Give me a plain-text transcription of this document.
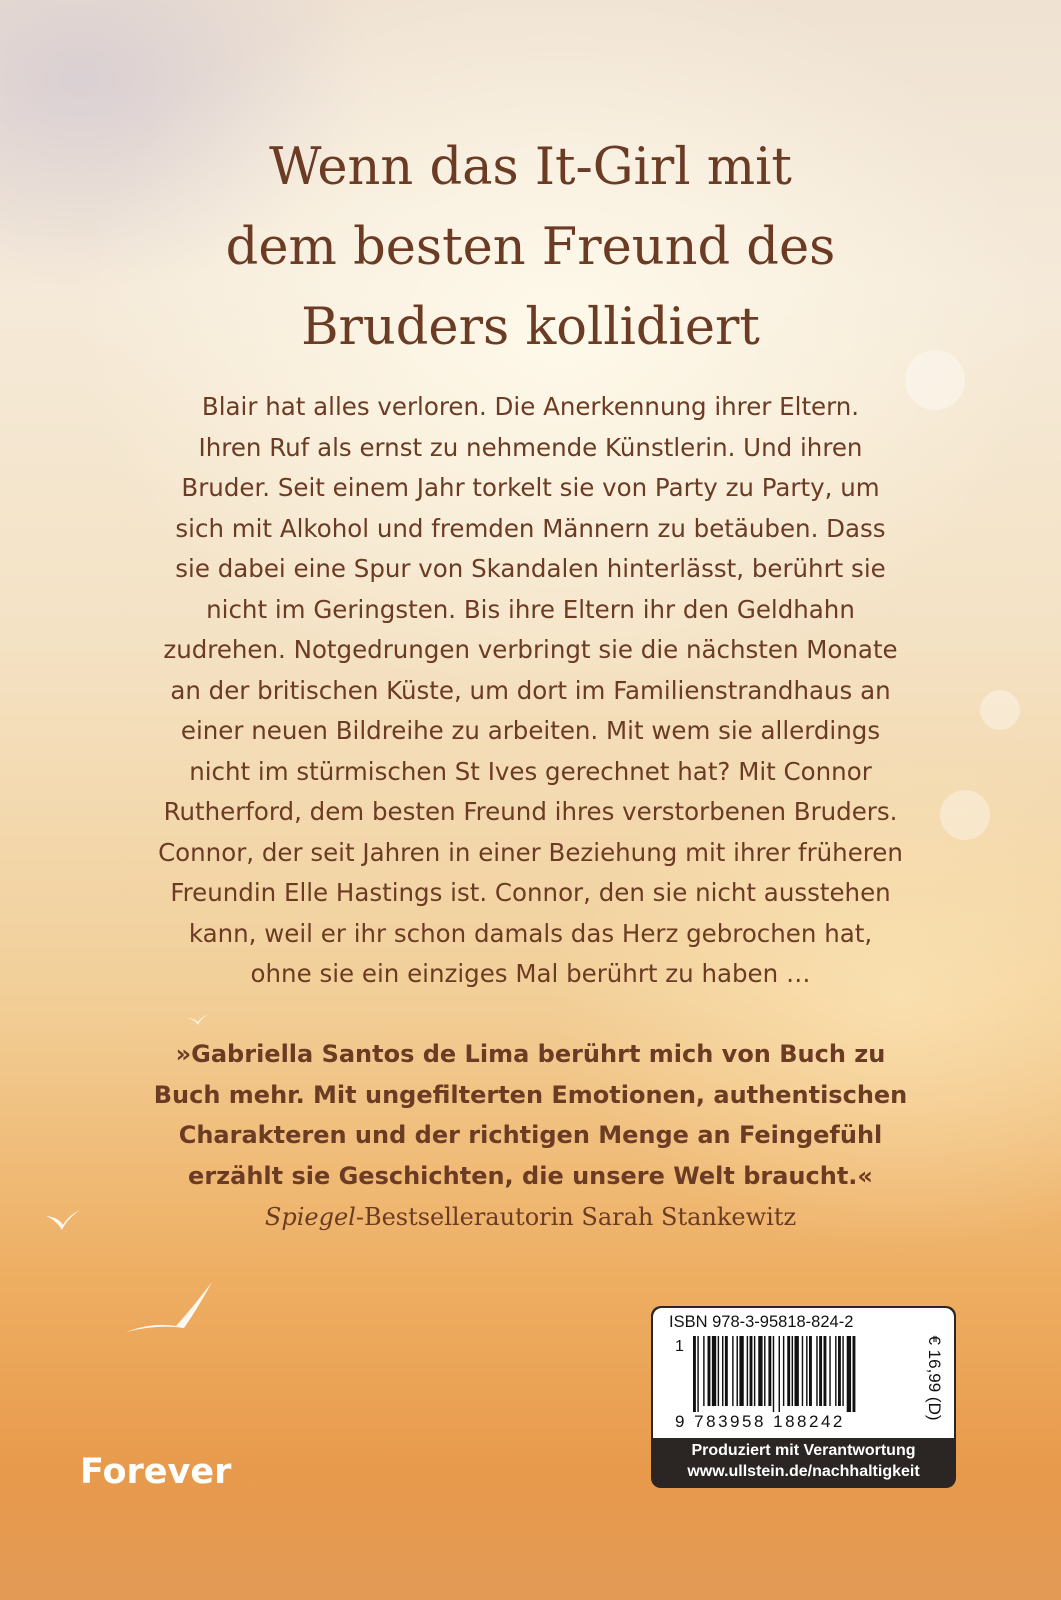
Wenn das It-Girl mit
dem besten Freund des
Bruders kollidiert
Blair hat alles verloren. Die Anerkennung ihrer Eltern.
Ihren Ruf als ernst zu nehmende Künstlerin. Und ihren
Bruder. Seit einem Jahr torkelt sie von Party zu Party, um
sich mit Alkohol und fremden Männern zu betäuben. Dass
sie dabei eine Spur von Skandalen hinterlässt, berührt sie
nicht im Geringsten. Bis ihre Eltern ihr den Geldhahn
zudrehen. Notgedrungen verbringt sie die nächsten Monate
an der britischen Küste, um dort im Familienstrandhaus an
einer neuen Bildreihe zu arbeiten. Mit wem sie allerdings
nicht im stürmischen St Ives gerechnet hat? Mit Connor
Rutherford, dem besten Freund ihres verstorbenen Bruders.
Connor, der seit Jahren in einer Beziehung mit ihrer früheren
Freundin Elle Hastings ist. Connor, den sie nicht ausstehen
kann, weil er ihr schon damals das Herz gebrochen hat,
ohne sie ein einziges Mal berührt zu haben …
»Gabriella Santos de Lima berührt mich von Buch zu
Buch mehr. Mit ungefilterten Emotionen, authentischen
Charakteren und der richtigen Menge an Feingefühl
erzählt sie Geschichten, die unsere Welt braucht.«
Spiegel-Bestsellerautorin Sarah Stankewitz
Forever
ISBN 978-3-95818-824-2
1
9 783958 188242
€ 16,99 (D)
Produziert mit Verantwortung
www.ullstein.de/nachhaltigkeit
